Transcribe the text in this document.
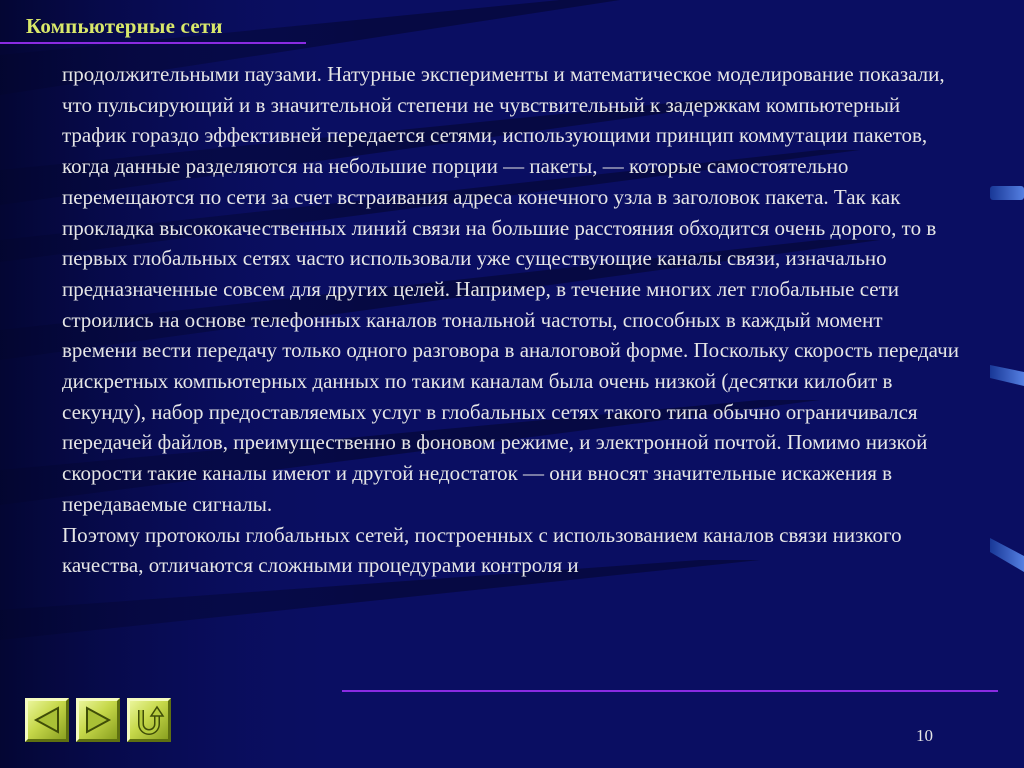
Компьютерные сети

продолжительными паузами. Натурные эксперименты и математическое моделирование показали, что пульсирующий и в значительной степени не чувствительный к задержкам компьютерный трафик гораздо эффективней передается сетями, использующими принцип коммутации пакетов, когда данные разделяются на небольшие порции — пакеты, — которые самостоятельно перемещаются по сети за счет встраивания адреса конечного узла в заголовок пакета. Так как прокладка высококачественных линий связи на большие расстояния обходится очень дорого, то в первых глобальных сетях часто использовали уже существующие каналы связи, изначально предназначенные совсем для других целей. Например, в течение многих лет глобальные сети строились на основе телефонных каналов тональной частоты, способных в каждый момент времени вести передачу только одного разговора в аналоговой форме. Поскольку скорость передачи дискретных компьютерных данных по таким каналам была очень низкой (десятки килобит в секунду), набор предоставляемых услуг в глобальных сетях такого типа обычно ограничивался передачей файлов, преимущественно в фоновом режиме, и электронной почтой. Помимо низкой скорости такие каналы имеют и другой недостаток — они вносят значительные искажения в передаваемые сигналы.

Поэтому протоколы глобальных сетей, построенных с использованием каналов связи низкого качества, отличаются сложными процедурами контроля и

10
